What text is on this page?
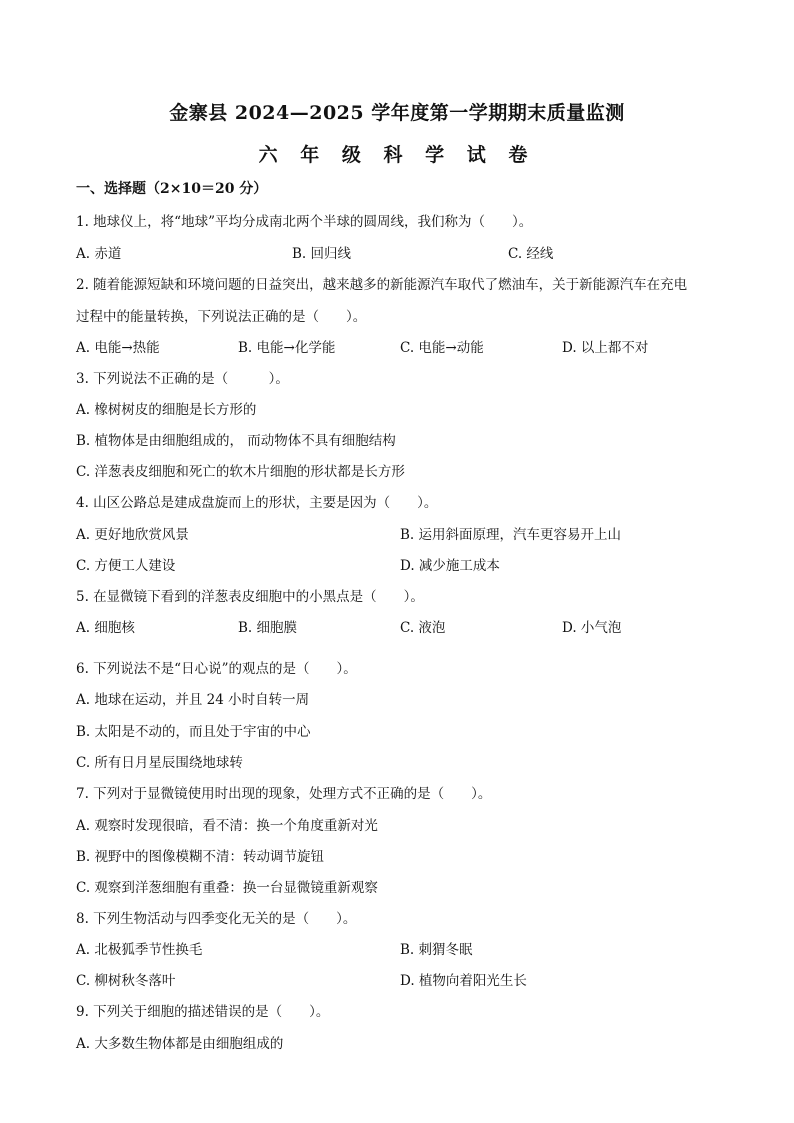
金寨县 2024—2025 学年度第一学期期末质量监测
六 年 级 科 学 试 卷
一、选择题（2×10＝20 分）
1. 地球仪上，将“地球”平均分成南北两个半球的圆周线，我们称为（　　）。
A. 赤道	B. 回归线	C. 经线
2. 随着能源短缺和环境问题的日益突出，越来越多的新能源汽车取代了燃油车，关于新能源汽车在充电
过程中的能量转换，下列说法正确的是（　　）。
A. 电能→热能	B. 电能→化学能	C. 电能→动能	D. 以上都不对
3. 下列说法不正确的是（　　　）。
A. 橡树树皮的细胞是长方形的
B. 植物体是由细胞组成的， 而动物体不具有细胞结构
C. 洋葱表皮细胞和死亡的软木片细胞的形状都是长方形
4. 山区公路总是建成盘旋而上的形状，主要是因为（　　）。
A. 更好地欣赏风景	B. 运用斜面原理，汽车更容易开上山
C. 方便工人建设	D. 减少施工成本
5. 在显微镜下看到的洋葱表皮细胞中的小黑点是（　　）。
A. 细胞核	B. 细胞膜	C. 液泡	D. 小气泡
6. 下列说法不是“日心说”的观点的是（　　）。
A. 地球在运动，并且 24 小时自转一周
B. 太阳是不动的，而且处于宇宙的中心
C. 所有日月星辰围绕地球转
7. 下列对于显微镜使用时出现的现象，处理方式不正确的是（　　）。
A. 观察时发现很暗，看不清：换一个角度重新对光
B. 视野中的图像模糊不清：转动调节旋钮
C. 观察到洋葱细胞有重叠：换一台显微镜重新观察
8. 下列生物活动与四季变化无关的是（　　）。
A. 北极狐季节性换毛	B. 刺猬冬眠
C. 柳树秋冬落叶	D. 植物向着阳光生长
9. 下列关于细胞的描述错误的是（　　）。
A. 大多数生物体都是由细胞组成的
